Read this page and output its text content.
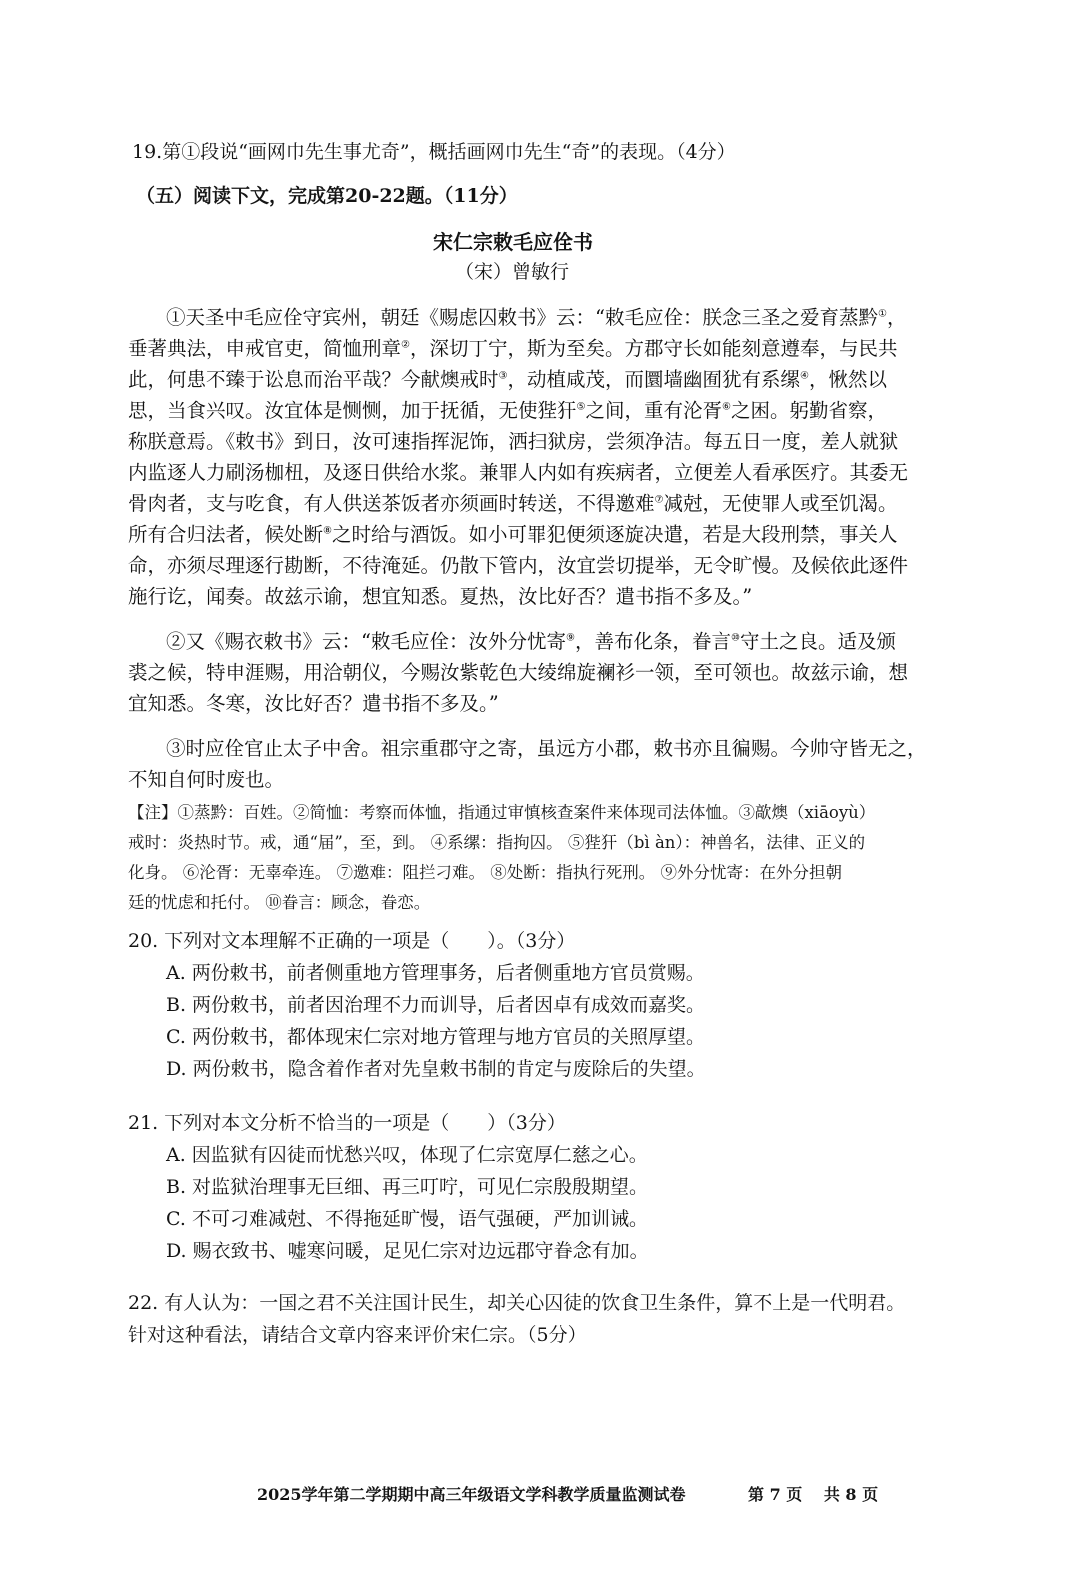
19.第①段说“画网巾先生事尤奇”，概括画网巾先生“奇”的表现。（4分）
（五）阅读下文，完成第20-22题。（11分）
宋仁宗敕毛应佺书
（宋）曾敏行
①天圣中毛应佺守宾州，朝廷《赐虑囚敕书》云：“敕毛应佺：朕念三圣之爱育蒸黔①，
垂著典法，申戒官吏，简恤刑章②，深切丁宁，斯为至矣。方郡守长如能刻意遵奉，与民共
此，何患不臻于讼息而治平哉？今献燠戒时③，动植咸茂，而圜墙幽囿犹有系缧④，愀然以
思，当食兴叹。汝宜体是恻恻，加于抚循，无使狴犴⑤之间，重有沦胥⑥之困。躬勤省察，
称朕意焉。《敕书》到日，汝可速指挥泥饰，洒扫狱房，尝须净洁。每五日一度，差人就狱
内监逐人力刷汤枷杻，及逐日供给水浆。兼罪人内如有疾病者，立便差人看承医疗。其委无
骨肉者，支与吃食，有人供送茶饭者亦须画时转送，不得邀难⑦减尅，无使罪人或至饥渴。
所有合归法者，候处断⑧之时给与酒饭。如小可罪犯便须逐旋决遣，若是大段刑禁，事关人
命，亦须尽理逐行勘断，不待淹延。仍散下管内，汝宜尝切提举，无令旷慢。及候依此逐件
施行讫，闻奏。故兹示谕，想宜知悉。夏热，汝比好否？遣书指不多及。”
②又《赐衣敕书》云：“敕毛应佺：汝外分忧寄⑨，善布化条，眷言⑩守土之良。适及颁
裘之候，特申涯赐，用洽朝仪，今赐汝紫乾色大绫绵旋襕衫一领，至可领也。故兹示谕，想
宜知悉。冬寒，汝比好否？遣书指不多及。”
③时应佺官止太子中舍。祖宗重郡守之寄，虽远方小郡，敕书亦且徧赐。今帅守皆无之，
不知自何时废也。
【注】①蒸黔：百姓。②简恤：考察而体恤，指通过审慎核查案件来体现司法体恤。③歊燠（xiāoyù）
戒时：炎热时节。戒，通“届”，至，到。 ④系缧：指拘囚。 ⑤狴犴（bì àn）：神兽名，法律、正义的
化身。 ⑥沦胥：无辜牵连。 ⑦邀难：阻拦刁难。 ⑧处断：指执行死刑。 ⑨外分忧寄：在外分担朝
廷的忧虑和托付。 ⑩眷言：顾念，眷恋。
20. 下列对文本理解不正确的一项是（　　）。（3分）
A. 两份敕书，前者侧重地方管理事务，后者侧重地方官员赏赐。
B. 两份敕书，前者因治理不力而训导，后者因卓有成效而嘉奖。
C. 两份敕书，都体现宋仁宗对地方管理与地方官员的关照厚望。
D. 两份敕书，隐含着作者对先皇敕书制的肯定与废除后的失望。
21. 下列对本文分析不恰当的一项是（　　）（3分）
A. 因监狱有囚徒而忧愁兴叹，体现了仁宗宽厚仁慈之心。
B. 对监狱治理事无巨细、再三叮咛，可见仁宗殷殷期望。
C. 不可刁难减尅、不得拖延旷慢，语气强硬，严加训诫。
D. 赐衣致书、嘘寒问暖，足见仁宗对边远郡守眷念有加。
22. 有人认为：一国之君不关注国计民生，却关心囚徒的饮食卫生条件，算不上是一代明君。
针对这种看法，请结合文章内容来评价宋仁宗。（5分）
2025学年第二学期期中高三年级语文学科教学质量监测试卷	第 7 页　 共 8 页
